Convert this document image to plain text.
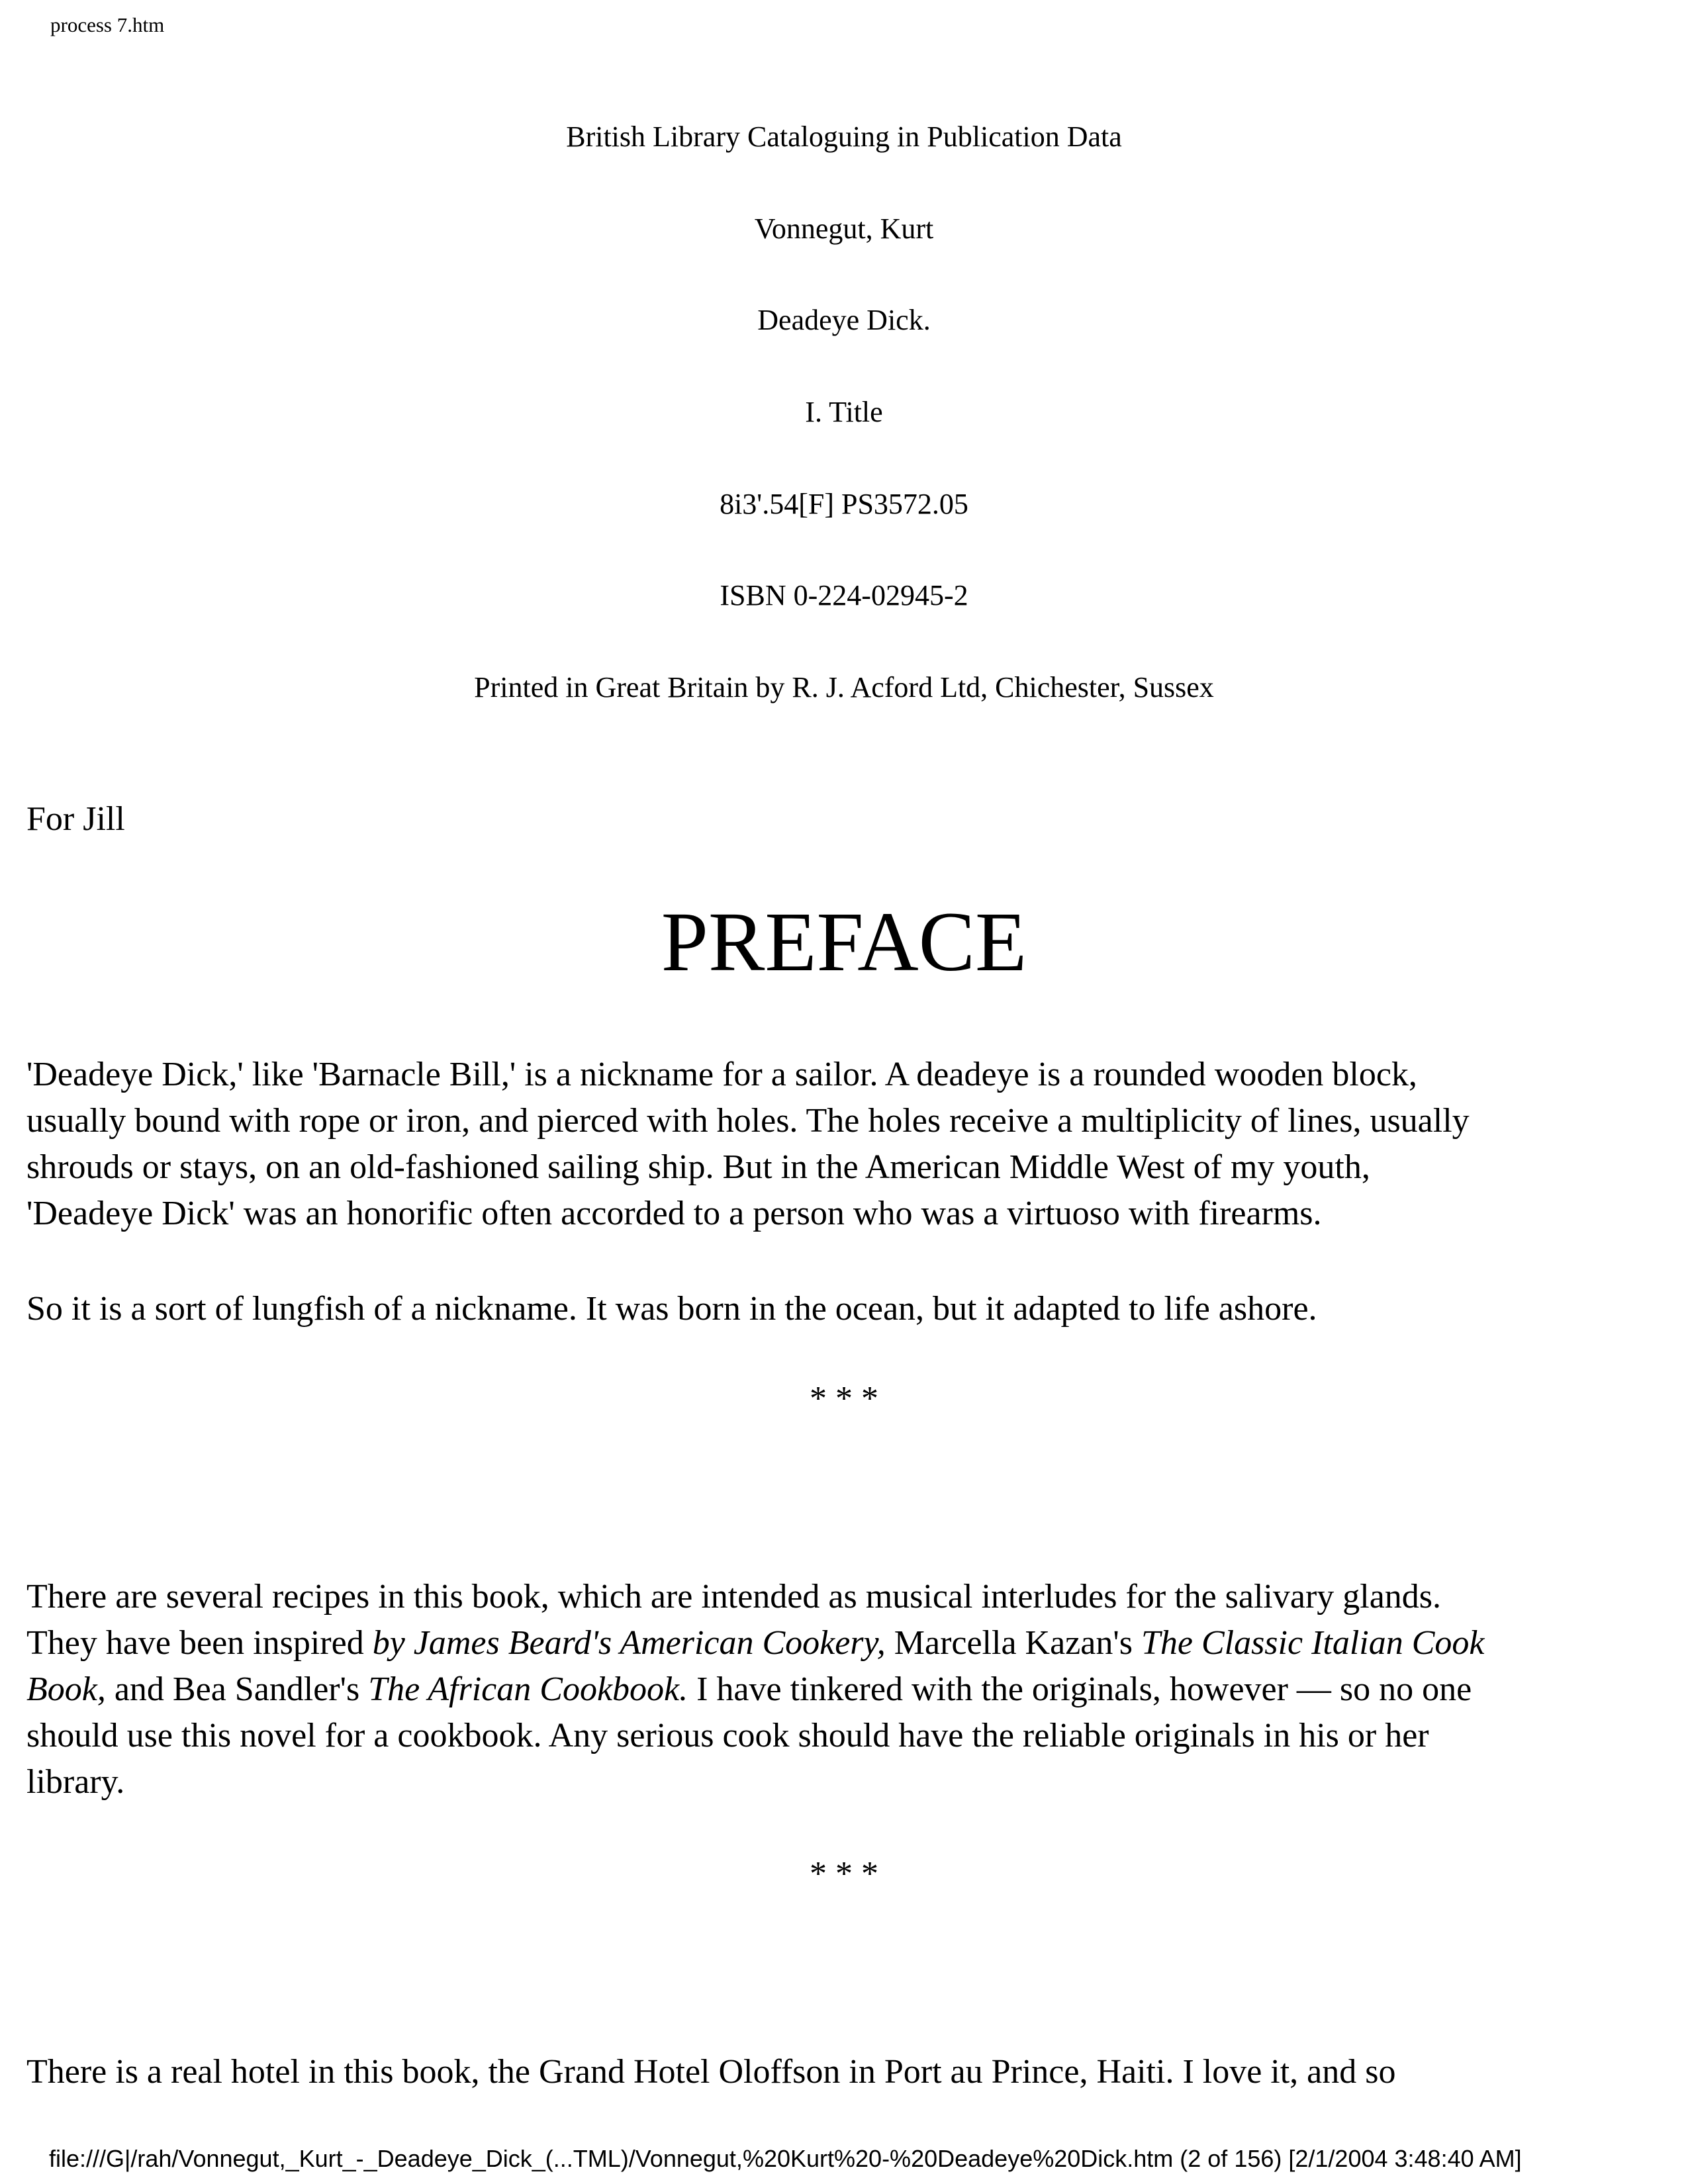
process 7.htm
British Library Cataloguing in Publication Data
Vonnegut, Kurt
Deadeye Dick.
I. Title
8i3'.54[F] PS3572.05
ISBN 0-224-02945-2
Printed in Great Britain by R. J. Acford Ltd, Chichester, Sussex
For Jill
PREFACE

'Deadeye Dick,' like 'Barnacle Bill,' is a nickname for a sailor. A deadeye is a rounded wooden block,
usually bound with rope or iron, and pierced with holes. The holes receive a multiplicity of lines, usually
shrouds or stays, on an old-fashioned sailing ship. But in the American Middle West of my youth,
'Deadeye Dick' was an honorific often accorded to a person who was a virtuoso with firearms.

So it is a sort of lungfish of a nickname. It was born in the ocean, but it adapted to life ashore.

* * *

There are several recipes in this book, which are intended as musical interludes for the salivary glands.
They have been inspired by James Beard's American Cookery, Marcella Kazan's The Classic Italian Cook
Book, and Bea Sandler's The African Cookbook. I have tinkered with the originals, however — so no one
should use this novel for a cookbook. Any serious cook should have the reliable originals in his or her
library.

* * *

There is a real hotel in this book, the Grand Hotel Oloffson in Port au Prince, Haiti. I love it, and so

file:///G|/rah/Vonnegut,_Kurt_-_Deadeye_Dick_(...TML)/Vonnegut,%20Kurt%20-%20Deadeye%20Dick.htm (2 of 156) [2/1/2004 3:48:40 AM]
